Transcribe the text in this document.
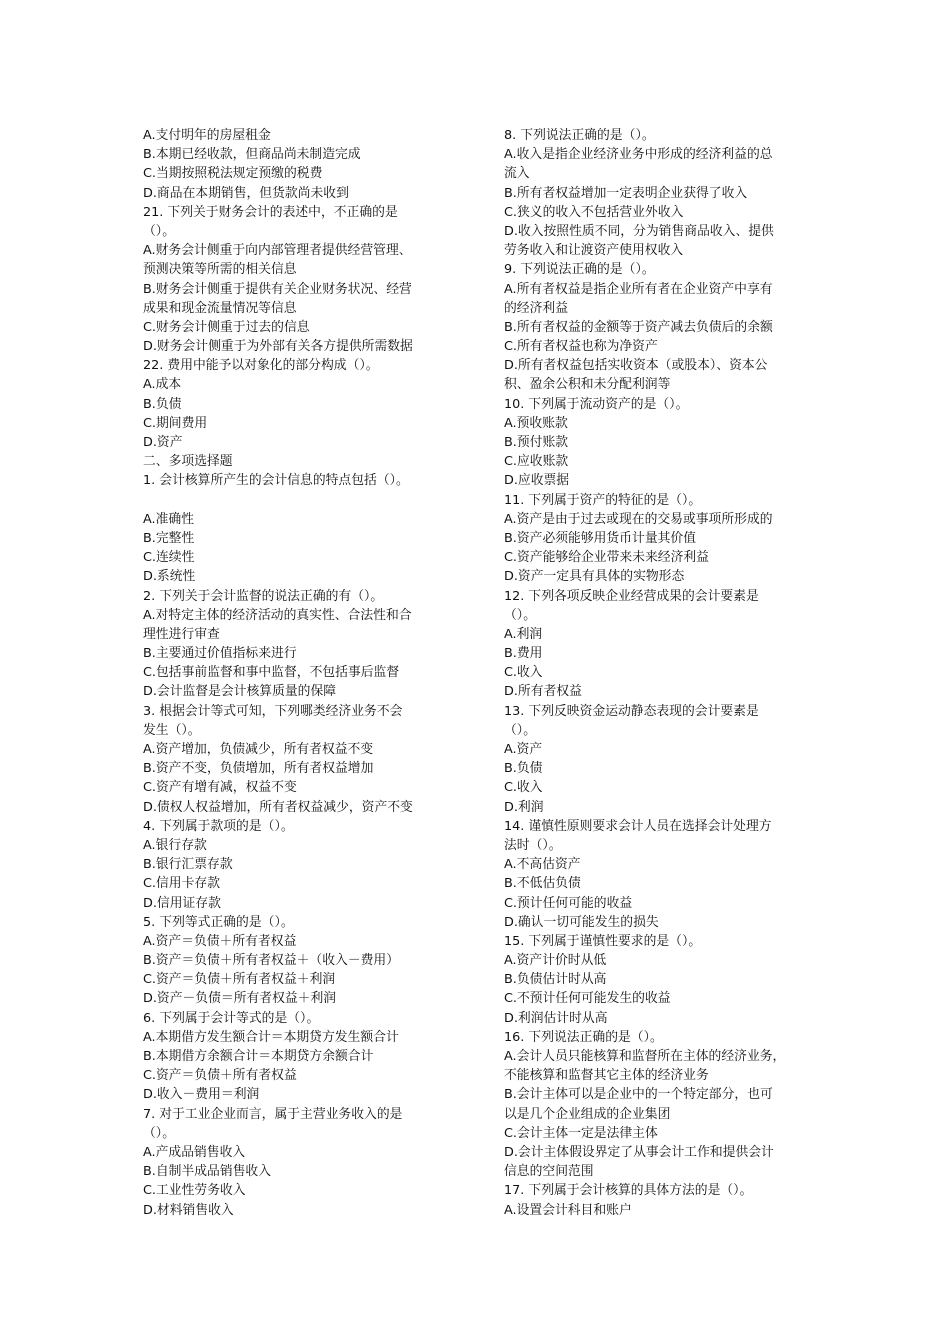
A.支付明年的房屋租金
B.本期已经收款，但商品尚未制造完成
C.当期按照税法规定预缴的税费
D.商品在本期销售，但货款尚未收到
21. 下列关于财务会计的表述中，不正确的是
（）。
A.财务会计侧重于向内部管理者提供经营管理、
预测决策等所需的相关信息
B.财务会计侧重于提供有关企业财务状况、经营
成果和现金流量情况等信息
C.财务会计侧重于过去的信息
D.财务会计侧重于为外部有关各方提供所需数据
22. 费用中能予以对象化的部分构成（）。
A.成本
B.负债
C.期间费用
D.资产
二、多项选择题
1. 会计核算所产生的会计信息的特点包括（）。
A.准确性
B.完整性
C.连续性
D.系统性
2. 下列关于会计监督的说法正确的有（）。
A.对特定主体的经济活动的真实性、合法性和合
理性进行审查
B.主要通过价值指标来进行
C.包括事前监督和事中监督，不包括事后监督
D.会计监督是会计核算质量的保障
3. 根据会计等式可知，下列哪类经济业务不会
发生（）。
A.资产增加，负债减少，所有者权益不变
B.资产不变，负债增加，所有者权益增加
C.资产有增有减，权益不变
D.债权人权益增加，所有者权益减少，资产不变
4. 下列属于款项的是（）。
A.银行存款
B.银行汇票存款
C.信用卡存款
D.信用证存款
5. 下列等式正确的是（）。
A.资产＝负债＋所有者权益
B.资产＝负债＋所有者权益＋（收入－费用）
C.资产＝负债＋所有者权益＋利润
D.资产－负债＝所有者权益＋利润
6. 下列属于会计等式的是（）。
A.本期借方发生额合计＝本期贷方发生额合计
B.本期借方余额合计＝本期贷方余额合计
C.资产＝负债＋所有者权益
D.收入－费用＝利润
7. 对于工业企业而言，属于主营业务收入的是
（）。
A.产成品销售收入
B.自制半成品销售收入
C.工业性劳务收入
D.材料销售收入
8. 下列说法正确的是（）。
A.收入是指企业经济业务中形成的经济利益的总
流入
B.所有者权益增加一定表明企业获得了收入
C.狭义的收入不包括营业外收入
D.收入按照性质不同，分为销售商品收入、提供
劳务收入和让渡资产使用权收入
9. 下列说法正确的是（）。
A.所有者权益是指企业所有者在企业资产中享有
的经济利益
B.所有者权益的金额等于资产减去负债后的余额
C.所有者权益也称为净资产
D.所有者权益包括实收资本（或股本）、资本公
积、盈余公积和未分配利润等
10. 下列属于流动资产的是（）。
A.预收账款
B.预付账款
C.应收账款
D.应收票据
11. 下列属于资产的特征的是（）。
A.资产是由于过去或现在的交易或事项所形成的
B.资产必须能够用货币计量其价值
C.资产能够给企业带来未来经济利益
D.资产一定具有具体的实物形态
12. 下列各项反映企业经营成果的会计要素是
（）。
A.利润
B.费用
C.收入
D.所有者权益
13. 下列反映资金运动静态表现的会计要素是
（）。
A.资产
B.负债
C.收入
D.利润
14. 谨慎性原则要求会计人员在选择会计处理方
法时（）。
A.不高估资产
B.不低估负债
C.预计任何可能的收益
D.确认一切可能发生的损失
15. 下列属于谨慎性要求的是（）。
A.资产计价时从低
B.负债估计时从高
C.不预计任何可能发生的收益
D.利润估计时从高
16. 下列说法正确的是（）。
A.会计人员只能核算和监督所在主体的经济业务，
不能核算和监督其它主体的经济业务
B.会计主体可以是企业中的一个特定部分，也可
以是几个企业组成的企业集团
C.会计主体一定是法律主体
D.会计主体假设界定了从事会计工作和提供会计
信息的空间范围
17. 下列属于会计核算的具体方法的是（）。
A.设置会计科目和账户
